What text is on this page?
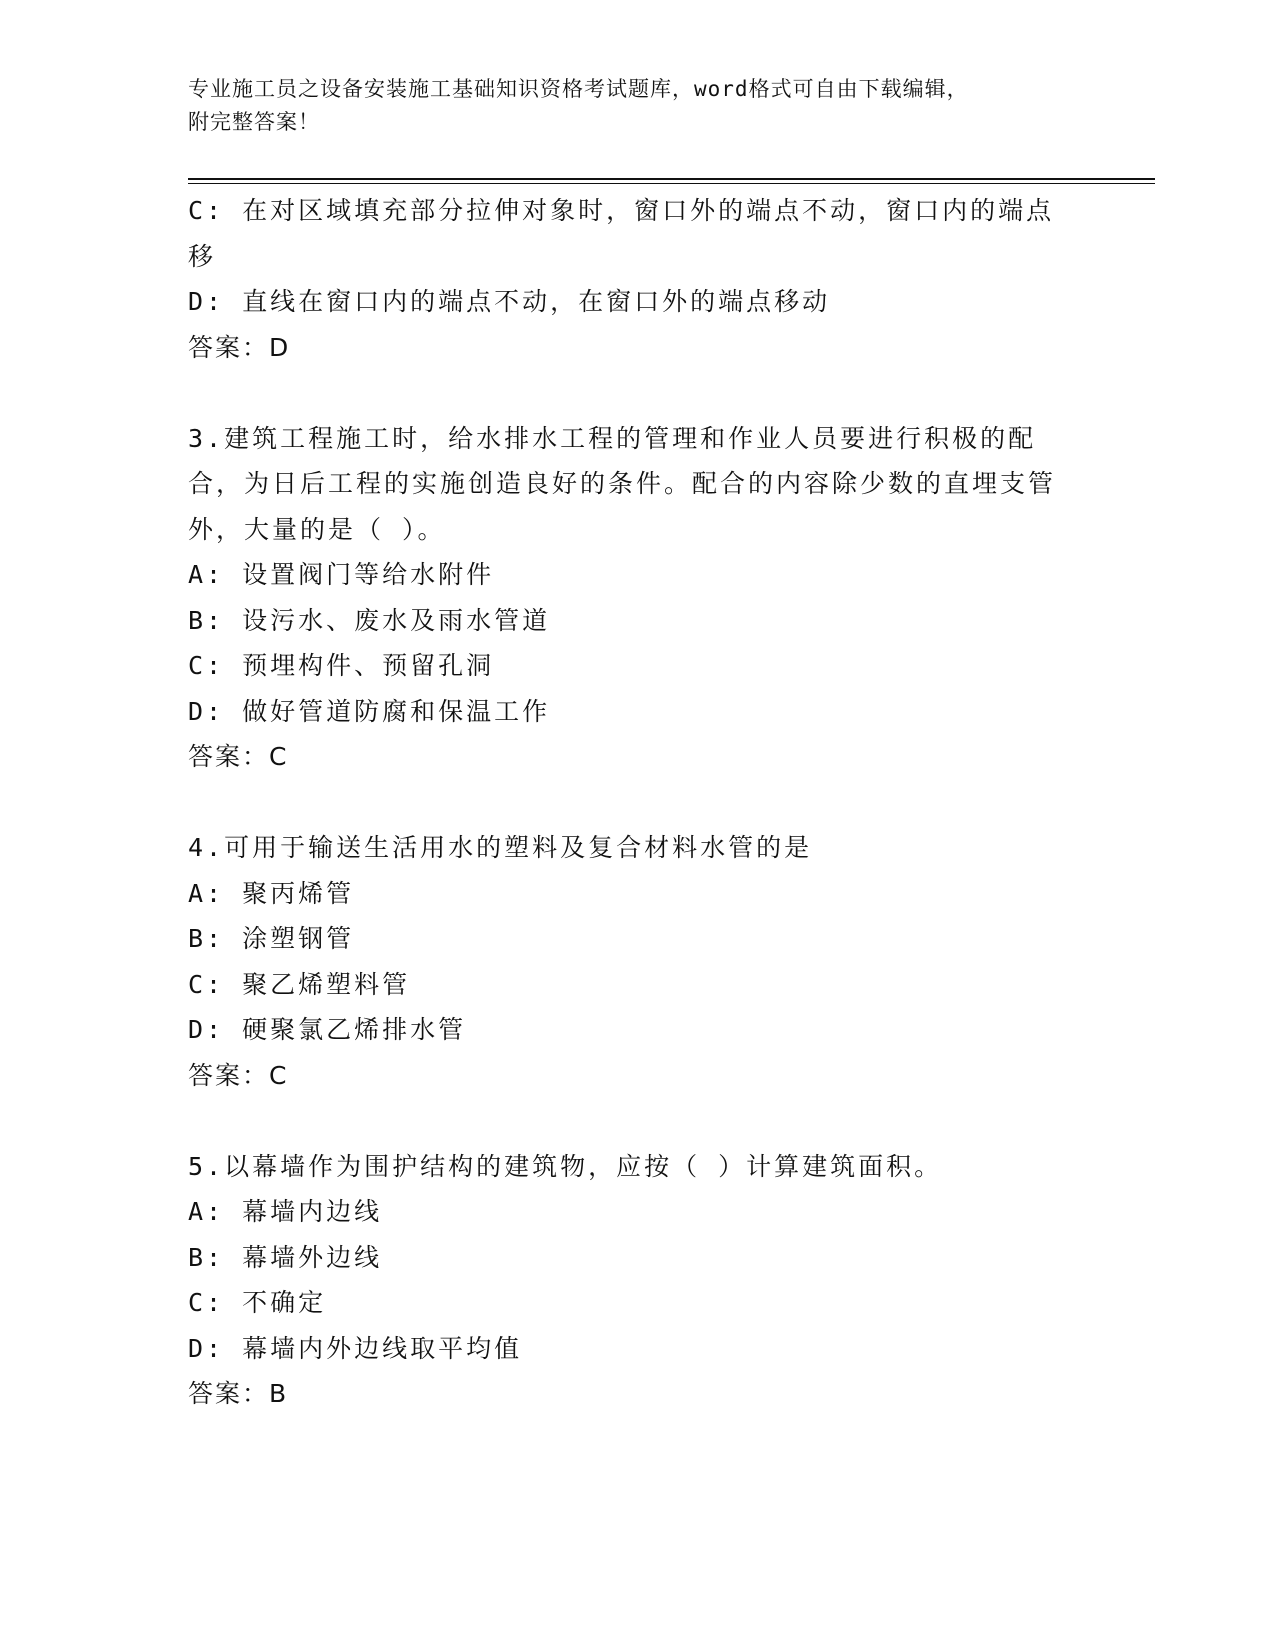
专业施工员之设备安装施工基础知识资格考试题库，word格式可自由下载编辑，
附完整答案！
C: 在对区域填充部分拉伸对象时，窗口外的端点不动，窗口内的端点移
D: 直线在窗口内的端点不动，在窗口外的端点移动
答案：D
3.建筑工程施工时，给水排水工程的管理和作业人员要进行积极的配合，为日后工程的实施创造良好的条件。配合的内容除少数的直埋支管外，大量的是（ ）。
A: 设置阀门等给水附件
B: 设污水、废水及雨水管道
C: 预埋构件、预留孔洞
D: 做好管道防腐和保温工作
答案：C
4.可用于输送生活用水的塑料及复合材料水管的是
A: 聚丙烯管
B: 涂塑钢管
C: 聚乙烯塑料管
D: 硬聚氯乙烯排水管
答案：C
5.以幕墙作为围护结构的建筑物，应按（ ）计算建筑面积。
A: 幕墙内边线
B: 幕墙外边线
C: 不确定
D: 幕墙内外边线取平均值
答案：B
